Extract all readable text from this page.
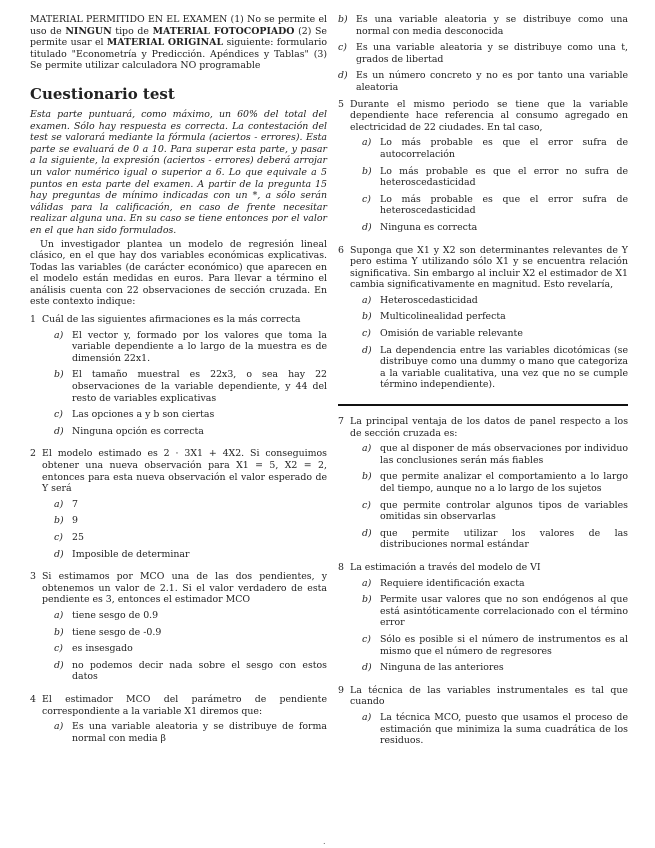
MATERIAL PERMITIDO EN EL EXAMEN (1) No se permite el uso de NINGUN tipo de MATERIAL FOTOCOPIADO (2) Se permite usar el MATERIAL ORIGINAL siguiente: formulario titulado "Econometría y Predicción. Apéndices y Tablas" (3) Se permite utilizar calculadora NO programable

Cuestionario test

Esta parte puntuará, como máximo, un 60% del total del examen. Sólo hay respuesta es correcta. La contestación del test se valorará mediante la fórmula (aciertos - errores). Esta parte se evaluará de 0 a 10. Para superar esta parte, y pasar a la siguiente, la expresión (aciertos - errores) deberá arrojar un valor numérico igual o superior a 6. Lo que equivale a 5 puntos en esta parte del examen. A partir de la pregunta 15 hay preguntas de mínimo indicadas con un *, a sólo serán válidas para la calificación, en caso de frente necesitar realizar alguna una. En su caso se tiene entonces por el valor en el que han sido formulados.

Un investigador plantea un modelo de regresión lineal clásico, en el que hay dos variables económicas explicativas. Todas las variables (de carácter económico) que aparecen en el modelo están medidas en euros. Para llevar a término el análisis cuenta con 22 observaciones de sección cruzada. En este contexto indique:

1 Cuál de las siguientes afirmaciones es la más correcta

a) El vector y, formado por los valores que toma la variable dependiente a lo largo de la muestra es de dimensión 22x1.
b) El tamaño muestral es 22x3, o sea hay 22 observaciones de la variable dependiente, y 44 del resto de variables explicativas
c) Las opciones a y b son ciertas
d) Ninguna opción es correcta
2 El modelo estimado es 2 · 3X1 + 4X2. Si conseguimos obtener una nueva observación para X1 = 5, X2 = 2, entonces para esta nueva observación el valor esperado de Y será

a) 7
b) 9
c) 25
d) Imposible de determinar
3 Si estimamos por MCO una de las dos pendientes, y obtenemos un valor de 2.1. Si el valor verdadero de esta pendiente es 3, entonces el estimador MCO

a) tiene sesgo de 0.9
b) tiene sesgo de -0.9
c) es insesgado
d) no podemos decir nada sobre el sesgo con estos datos
4 El estimador MCO del parámetro de pendiente correspondiente a la variable X1 diremos que:

a) Es una variable aleatoria y se distribuye de forma normal con media β
b) Es una variable aleatoria y se distribuye como una normal con media desconocida
c) Es una variable aleatoria y se distribuye como una t, grados de libertad
d) Es un número concreto y no es por tanto una variable aleatoria
5 Durante el mismo periodo se tiene que la variable dependiente hace referencia al consumo agregado en electricidad de 22 ciudades. En tal caso,

a) Lo más probable es que el error sufra de autocorrelación
b) Lo más probable es que el error no sufra de heteroscedasticidad
c) Lo más probable es que el error sufra de heteroscedasticidad
d) Ninguna es correcta
6 Suponga que X1 y X2 son determinantes relevantes de Y pero estima Y utilizando sólo X1 y se encuentra relación significativa. Sin embargo al incluir X2 el estimador de X1 cambia significativamente en magnitud. Esto revelaría,

a) Heteroscedasticidad
b) Multicolinealidad perfecta
c) Omisión de variable relevante
d) La dependencia entre las variables dicotómicas (se distribuye como una dummy o mano que categoriza a la variable cualitativa, una vez que no se cumple término independiente).
7 La principal ventaja de los datos de panel respecto a los de sección cruzada es:

a) que al disponer de más observaciones por individuo las conclusiones serán más fiables
b) que permite analizar el comportamiento a lo largo del tiempo, aunque no a lo largo de los sujetos
c) que permite controlar algunos tipos de variables omitidas sin observarlas
d) que permite utilizar los valores de las distribuciones normal estándar
8 La estimación a través del modelo de VI

a) Requiere identificación exacta
b) Permite usar valores que no son endógenos al que está asintóticamente correlacionado con el término error
c) Sólo es posible si el número de instrumentos es al mismo que el número de regresores
d) Ninguna de las anteriores
9 La técnica de las variables instrumentales es tal que cuando

a) La técnica MCO, puesto que usamos el proceso de estimación que minimiza la suma cuadrática de los residuos.
.
